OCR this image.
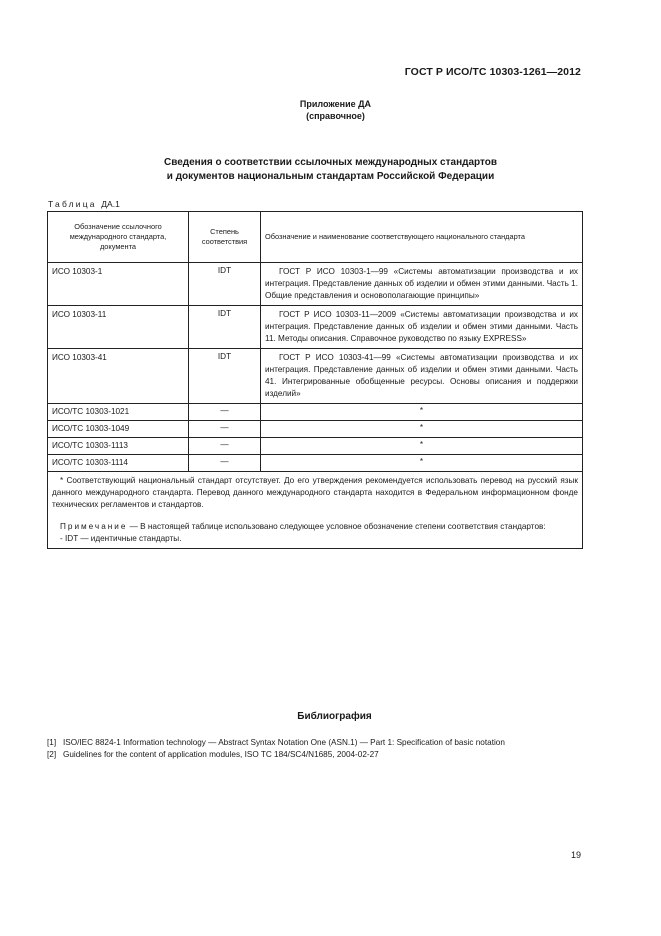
ГОСТ Р ИСО/ТС 10303-1261—2012
Приложение ДА
(справочное)
Сведения о соответствии ссылочных международных стандартов
и документов национальным стандартам Российской Федерации
Таблица ДА.1
Обозначение ссылочного международного стандарта, документа	Степень соответствия	Обозначение и наименование соответствующего национального стандарта
ИСО 10303-1	IDT	ГОСТ Р ИСО 10303-1—99 «Системы автоматизации производства и их интеграция. Представление данных об изделии и обмен этими данными. Часть 1. Общие представления и основополагающие принципы»
ИСО 10303-11	IDT	ГОСТ Р ИСО 10303-11—2009 «Системы автоматизации производства и их интеграция. Представление данных об изделии и обмен этими данными. Часть 11. Методы описания. Справочное руководство по языку EXPRESS»
ИСО 10303-41	IDT	ГОСТ Р ИСО 10303-41—99 «Системы автоматизации производства и их интеграция. Представление данных об изделии и обмен этими данными. Часть 41. Интегрированные обобщенные ресурсы. Основы описания и поддержки изделий»
ИСО/ТС 10303-1021	—	*
ИСО/ТС 10303-1049	—	*
ИСО/ТС 10303-1113	—	*
ИСО/ТС 10303-1114	—	*

* Соответствующий национальный стандарт отсутствует. До его утверждения рекомендуется использовать перевод на русский язык данного международного стандарта. Перевод данного международного стандарта находится в Федеральном информационном фонде технических регламентов и стандартов.

Примечание — В настоящей таблице использовано следующее условное обозначение степени соответствия стандартов:

- IDT — идентичные стандарты.		

Библиография
[1] ISO/IEC 8824-1 Information technology — Abstract Syntax Notation One (ASN.1) — Part 1: Specification of basic notation
[2] Guidelines for the content of application modules, ISO TC 184/SC4/N1685, 2004-02-27
19
